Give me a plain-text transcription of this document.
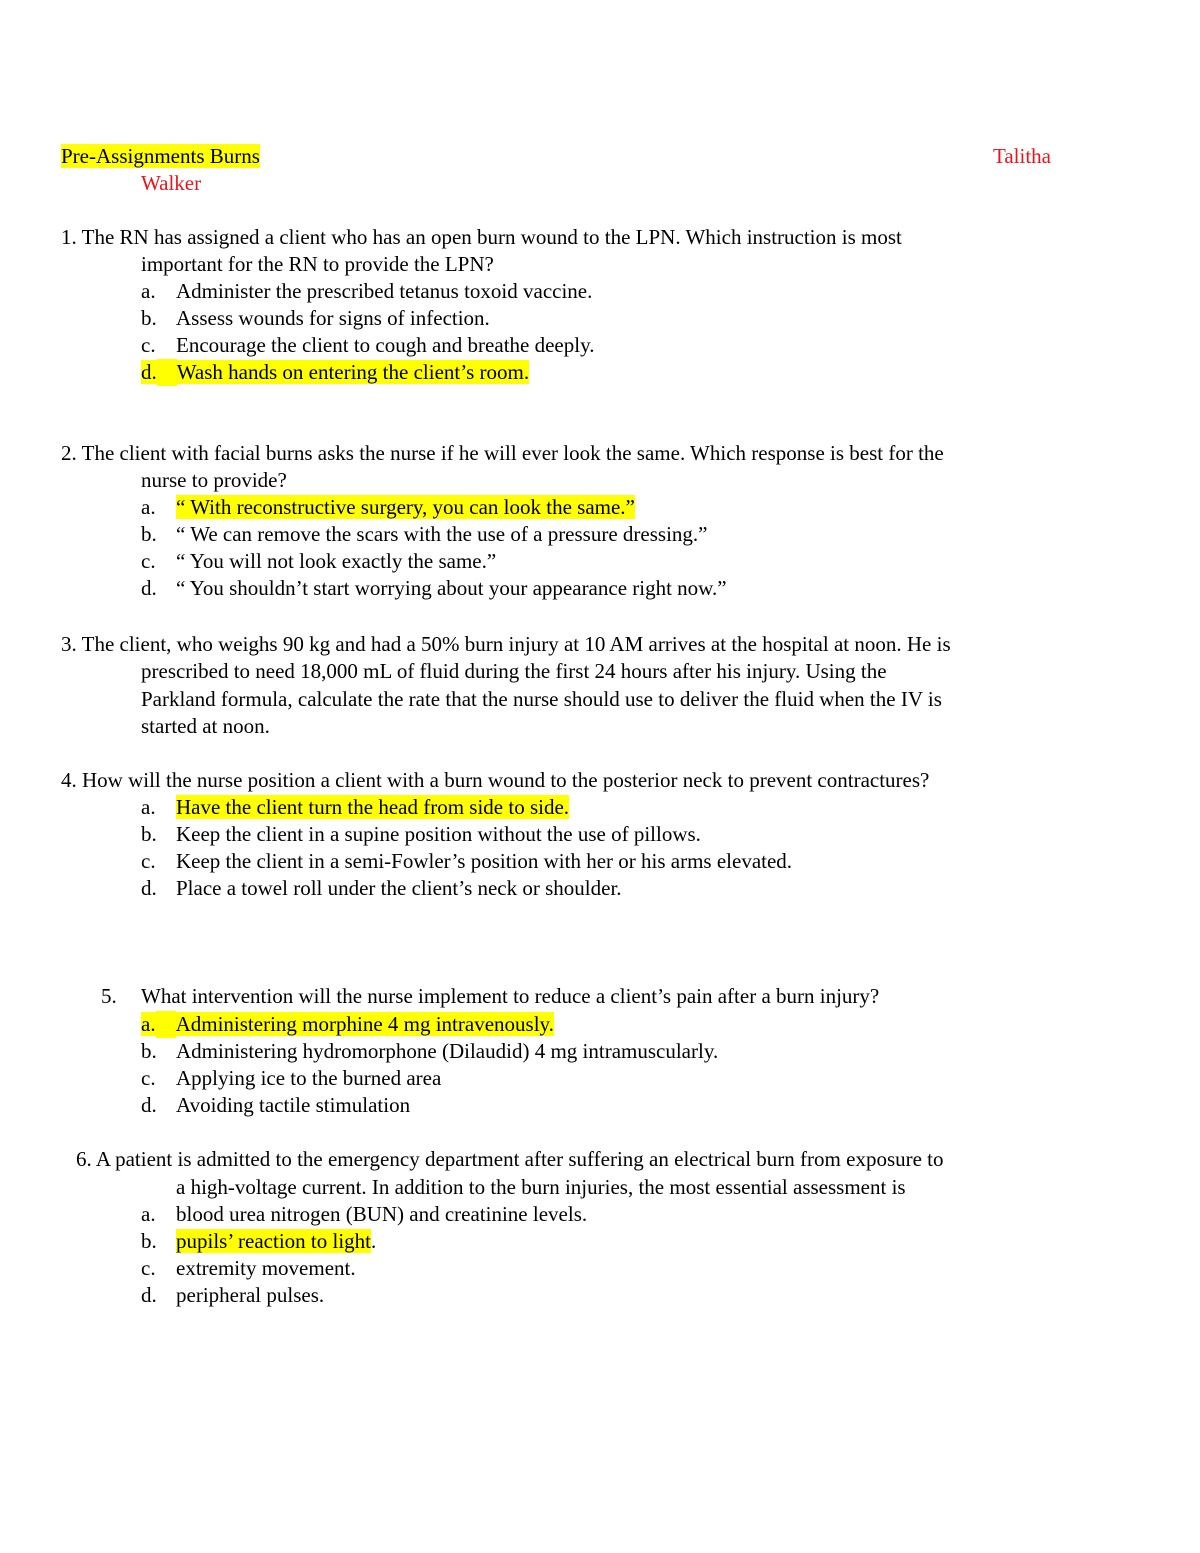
Pre-Assignments Burns	Talitha
Walker
1. The RN has assigned a client who has an open burn wound to the LPN. Which instruction is most
important for the RN to provide the LPN?
a. Administer the prescribed tetanus toxoid vaccine.
b. Assess wounds for signs of infection.
c. Encourage the client to cough and breathe deeply.
d. Wash hands on entering the client’s room.
2. The client with facial burns asks the nurse if he will ever look the same. Which response is best for the
nurse to provide?
a. “ With reconstructive surgery, you can look the same.”
b. “ We can remove the scars with the use of a pressure dressing.”
c. “ You will not look exactly the same.”
d. “ You shouldn’t start worrying about your appearance right now.”
3. The client, who weighs 90 kg and had a 50% burn injury at 10 AM arrives at the hospital at noon. He is
prescribed to need 18,000 mL of fluid during the first 24 hours after his injury. Using the
Parkland formula, calculate the rate that the nurse should use to deliver the fluid when the IV is
started at noon.
4. How will the nurse position a client with a burn wound to the posterior neck to prevent contractures?
a. Have the client turn the head from side to side.
b. Keep the client in a supine position without the use of pillows.
c. Keep the client in a semi-Fowler’s position with her or his arms elevated.
d. Place a towel roll under the client’s neck or shoulder.
5. What intervention will the nurse implement to reduce a client’s pain after a burn injury?
a. Administering morphine 4 mg intravenously.
b. Administering hydromorphone (Dilaudid) 4 mg intramuscularly.
c. Applying ice to the burned area
d. Avoiding tactile stimulation
6. A patient is admitted to the emergency department after suffering an electrical burn from exposure to
a high-voltage current. In addition to the burn injuries, the most essential assessment is
a. blood urea nitrogen (BUN) and creatinine levels.
b. pupils’ reaction to light.
c. extremity movement.
d. peripheral pulses.
